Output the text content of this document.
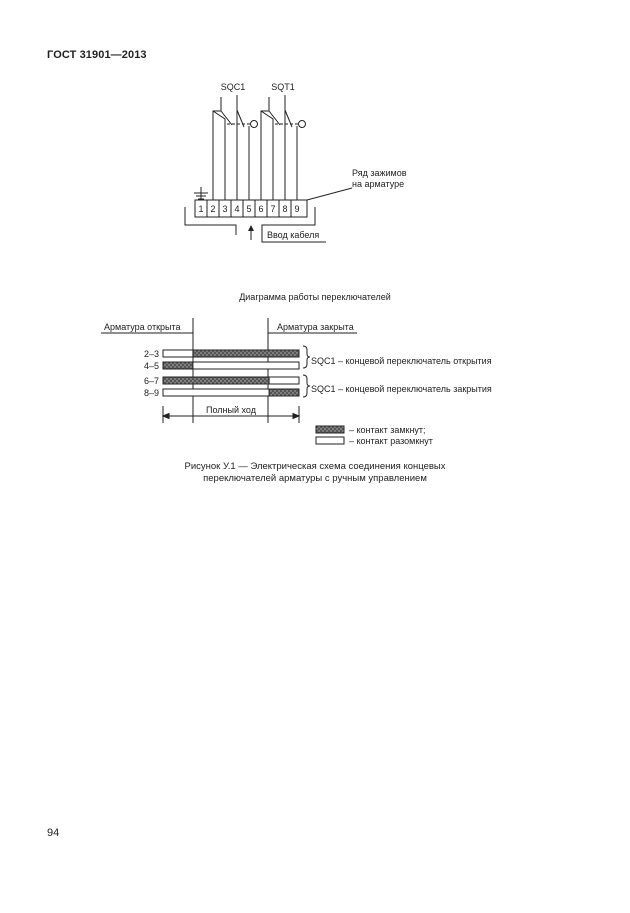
ГОСТ 31901—2013
1 2 3 4 5 6 7 8 9
SQC1	SQT1
Ряд зажимов
на арматуре
Ввод кабеля
Диаграмма работы переключателей
Арматура открыта	Арматура закрыта
Полный ход
2–3
4–5
6–7
8–9
SQC1 – концевой переключатель открытия
SQC1 – концевой переключатель закрытия
– контакт замкнут;
– контакт разомкнут
Рисунок У.1 — Электрическая схема соединения концевых
переключателей арматуры с ручным управлением
94
